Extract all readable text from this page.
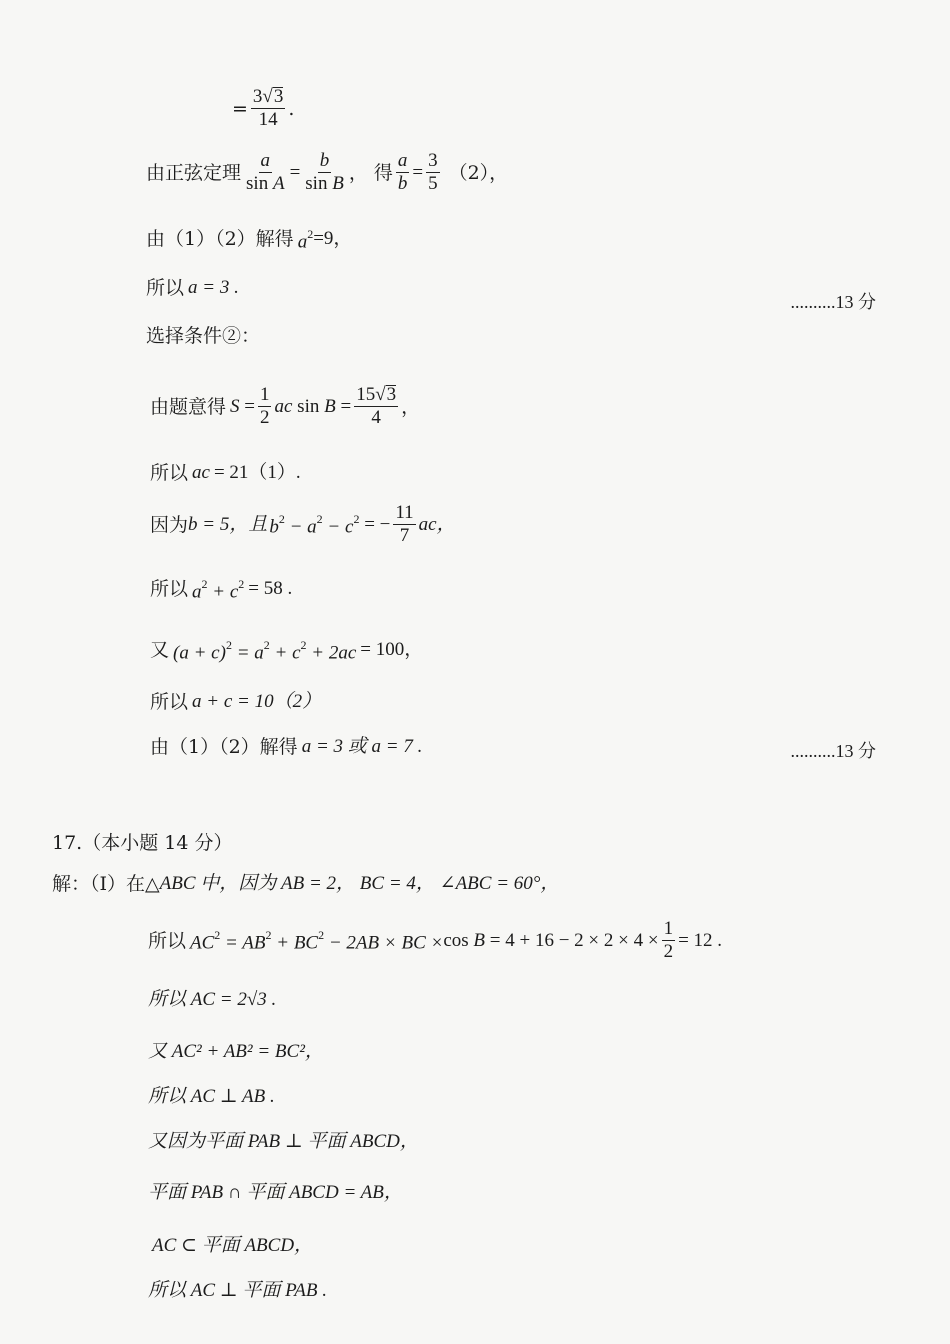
= $\frac{3√3}{14}$ .
由正弦定理 $\frac{a}{\text{sin A}} = \frac{b}{\text{sin B}}$ ， 得 $\frac{a}{b} = \frac{3}{5} (2)$，
由（1）（2）解得 $a^2 =9$，
所以 a = 3 .
..........13 分
选择条件②：
由题意得 $S = \frac{1}{2}$ ac $\sin B = \frac{15√3}{4}$ ，
所以 ac = 21（1）.
因为 b = 5，且 $b^2 - a^2 - c^2$ = − $\frac{11}{7}$ ac，
所以 $a^2 + c^2 = 58$ .
又 $(a + c)^2 = a^2 + c^2 + 2ac = 100$，
所以 a + c = 10（2）
由（1）（2）解得 a = 3 或 a = 7 .	..........13 分
17.（本小题 14 分）
解：（Ⅰ）在△ ABC 中，因为 AB = 2， BC = 4， ∠ABC = 60°，
所以 $AC^2 = AB^2 + BC^2 - 2AB$ × BC × $\cos B = 4 + 16 - 2 \times 2 \times 4 \times \frac{1}{2} = 12$ .
所以 AC = 2√3 .
又 AC² + AB² = BC²，
所以 AC ⊥ AB .
又因为平面 PAB ⊥ 平面 ABCD，
平面 PAB ∩ 平面 ABCD = AB，
AC ⊂ 平面 ABCD，
所以 AC ⊥ 平面 PAB .
